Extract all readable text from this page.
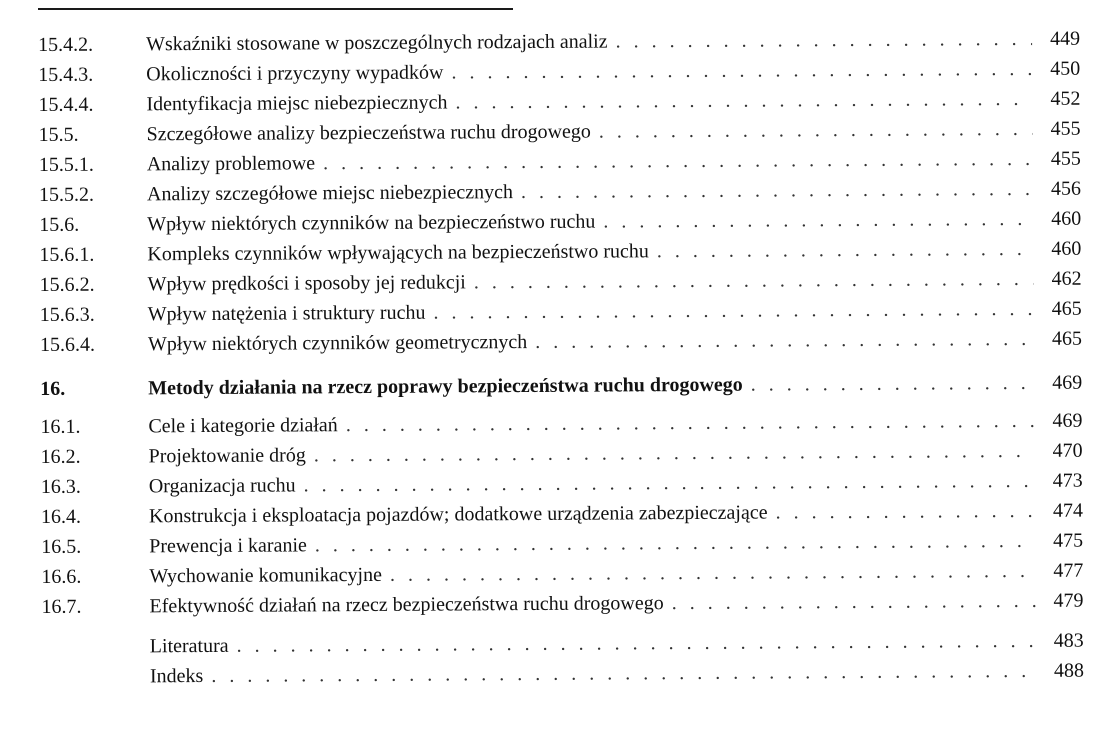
15.4.2.	Wskaźniki stosowane w poszczególnych rodzajach analiz . . .	449
15.4.3.	Okoliczności i przyczyny wypadków . . .	450
15.4.4.	Identyfikacja miejsc niebezpiecznych . . .	452
15.5.	Szczegółowe analizy bezpieczeństwa ruchu drogowego . . .	455
15.5.1.	Analizy problemowe . . .	455
15.5.2.	Analizy szczegółowe miejsc niebezpiecznych . . .	456
15.6.	Wpływ niektórych czynników na bezpieczeństwo ruchu . . .	460
15.6.1.	Kompleks czynników wpływających na bezpieczeństwo ruchu . . .	460
15.6.2.	Wpływ prędkości i sposoby jej redukcji . . .	462
15.6.3.	Wpływ natężenia i struktury ruchu . . .	465
15.6.4.	Wpływ niektórych czynników geometrycznych . . .	465
16.	Metody działania na rzecz poprawy bezpieczeństwa ruchu drogowego . . .	469
16.1.	Cele i kategorie działań . . .	469
16.2.	Projektowanie dróg . . .	470
16.3.	Organizacja ruchu . . .	473
16.4.	Konstrukcja i eksploatacja pojazdów; dodatkowe urządzenia zabezpieczające . . .	474
16.5.	Prewencja i karanie . . .	475
16.6.	Wychowanie komunikacyjne . . .	477
16.7.	Efektywność działań na rzecz bezpieczeństwa ruchu drogowego . . .	479
Literatura . . .	483
Indeks . . .	488
